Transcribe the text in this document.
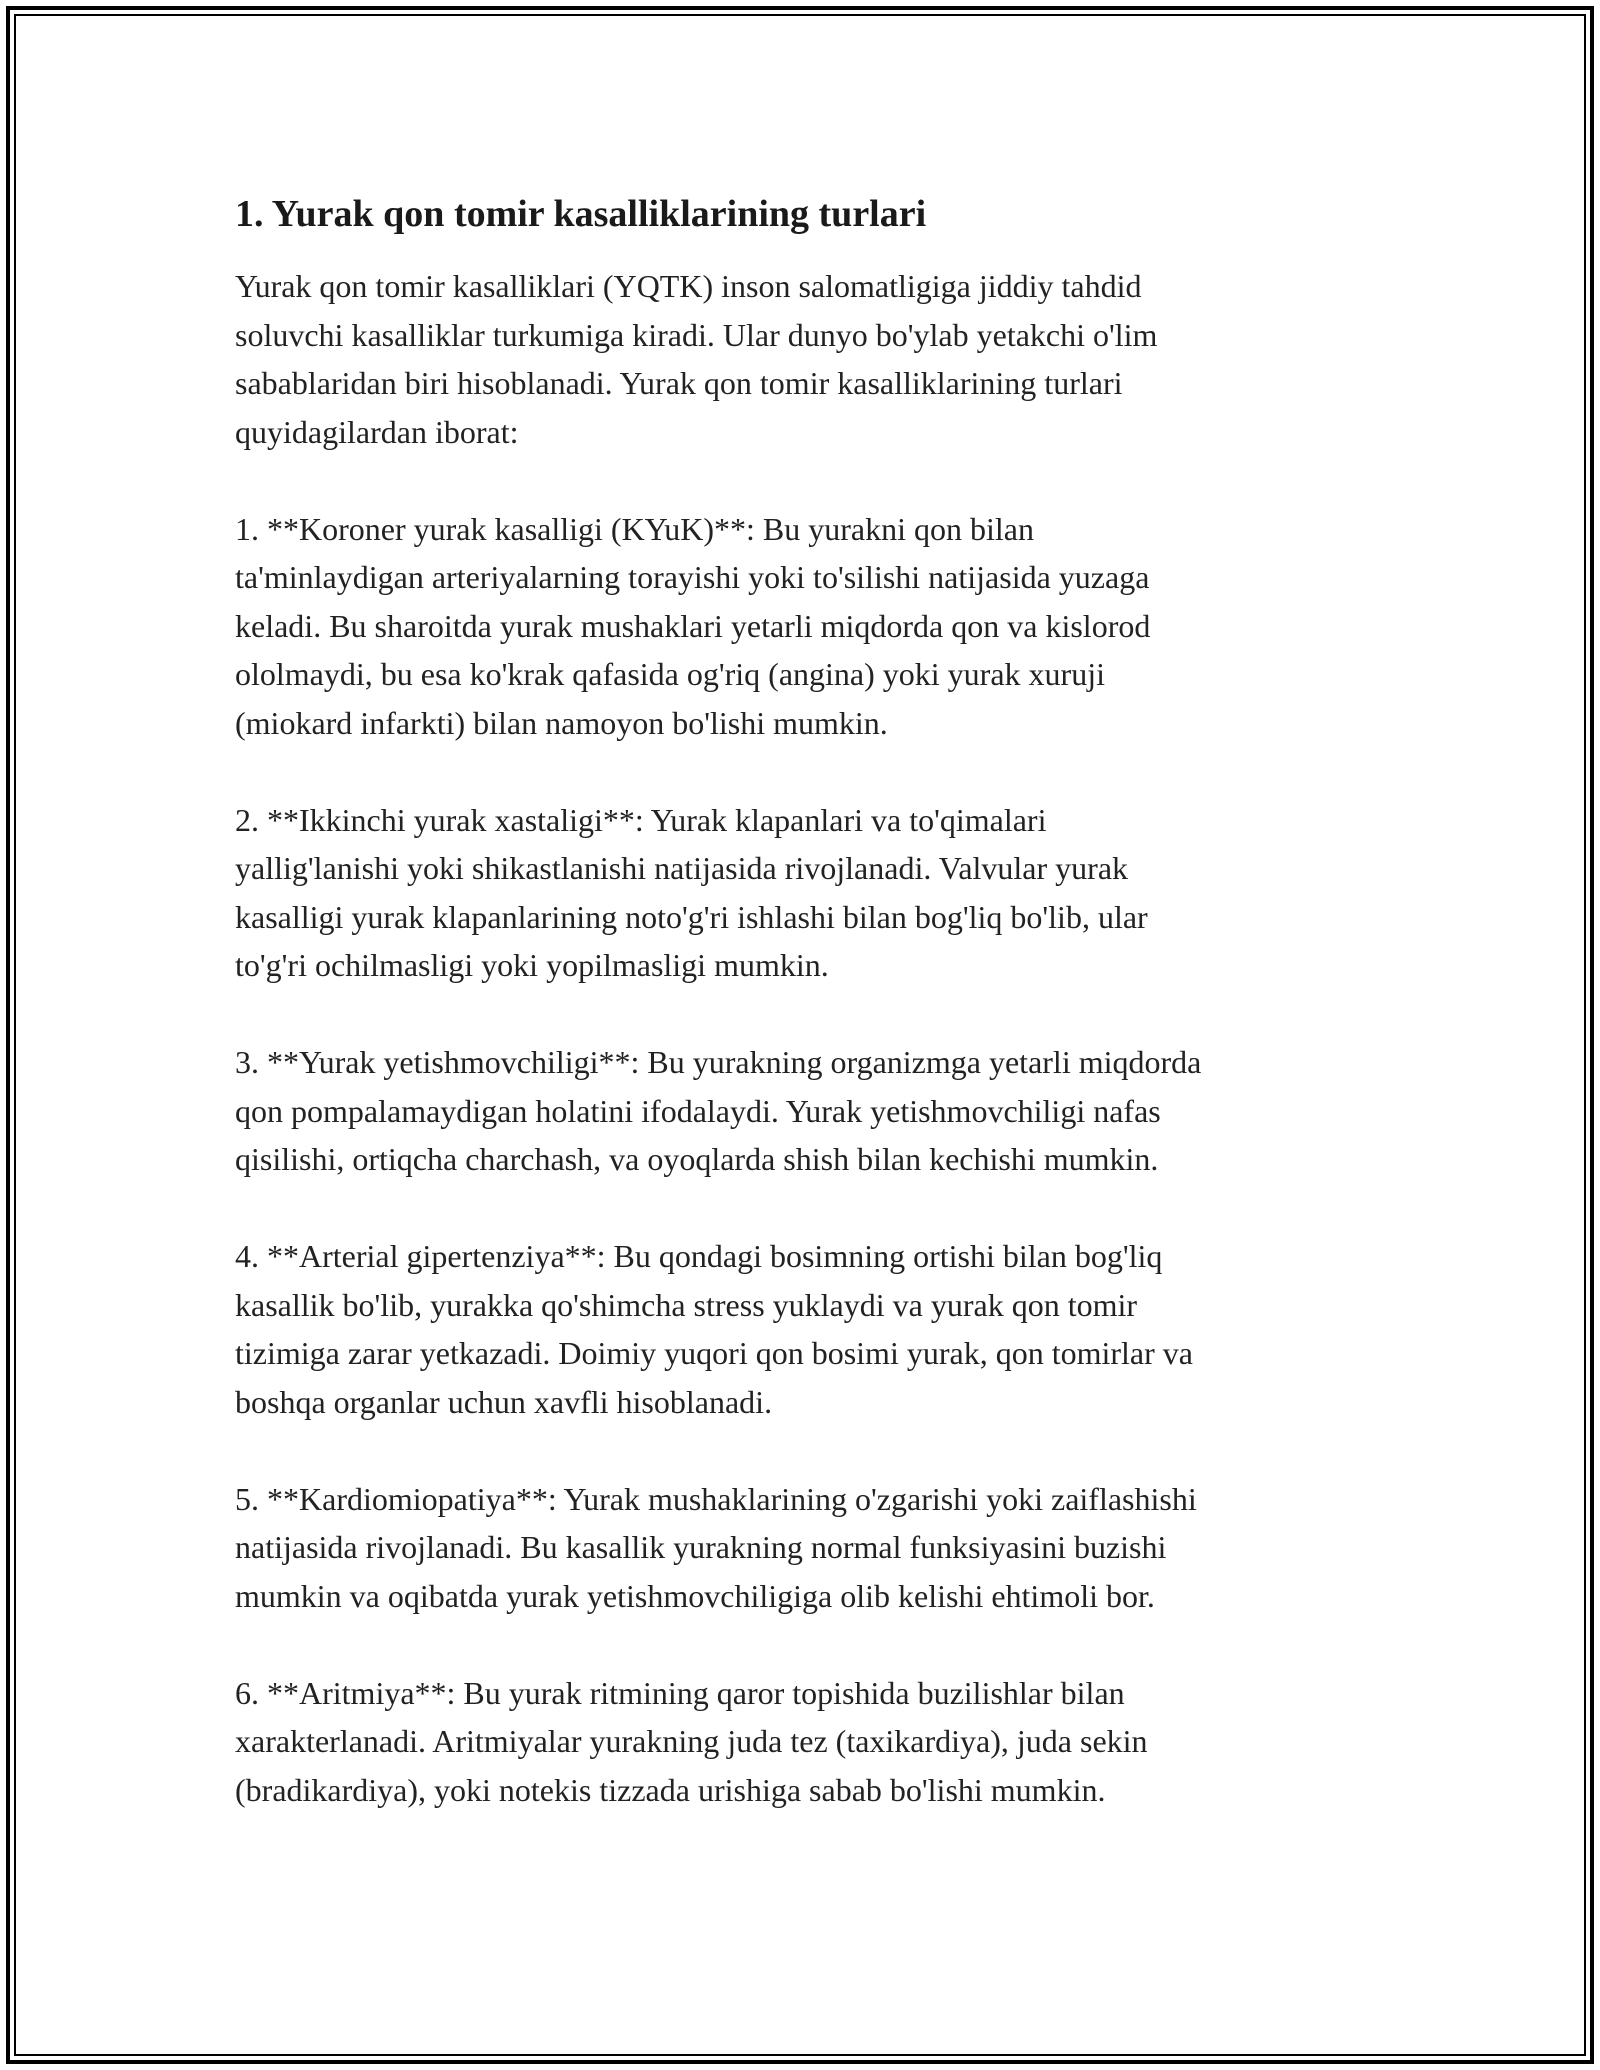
1. Yurak qon tomir kasalliklarining turlari

Yurak qon tomir kasalliklari (YQTK) inson salomatligiga jiddiy tahdid
soluvchi kasalliklar turkumiga kiradi. Ular dunyo bo'ylab yetakchi o'lim
sabablaridan biri hisoblanadi. Yurak qon tomir kasalliklarining turlari
quyidagilardan iborat:

1. **Koroner yurak kasalligi (KYuK)**: Bu yurakni qon bilan
ta'minlaydigan arteriyalarning torayishi yoki to'silishi natijasida yuzaga
keladi. Bu sharoitda yurak mushaklari yetarli miqdorda qon va kislorod
ololmaydi, bu esa ko'krak qafasida og'riq (angina) yoki yurak xuruji
(miokard infarkti) bilan namoyon bo'lishi mumkin.

2. **Ikkinchi yurak xastaligi**: Yurak klapanlari va to'qimalari
yallig'lanishi yoki shikastlanishi natijasida rivojlanadi. Valvular yurak
kasalligi yurak klapanlarining noto'g'ri ishlashi bilan bog'liq bo'lib, ular
to'g'ri ochilmasligi yoki yopilmasligi mumkin.

3. **Yurak yetishmovchiligi**: Bu yurakning organizmga yetarli miqdorda
qon pompalamaydigan holatini ifodalaydi. Yurak yetishmovchiligi nafas
qisilishi, ortiqcha charchash, va oyoqlarda shish bilan kechishi mumkin.

4. **Arterial gipertenziya**: Bu qondagi bosimning ortishi bilan bog'liq
kasallik bo'lib, yurakka qo'shimcha stress yuklaydi va yurak qon tomir
tizimiga zarar yetkazadi. Doimiy yuqori qon bosimi yurak, qon tomirlar va
boshqa organlar uchun xavfli hisoblanadi.

5. **Kardiomiopatiya**: Yurak mushaklarining o'zgarishi yoki zaiflashishi
natijasida rivojlanadi. Bu kasallik yurakning normal funksiyasini buzishi
mumkin va oqibatda yurak yetishmovchiligiga olib kelishi ehtimoli bor.

6. **Aritmiya**: Bu yurak ritmining qaror topishida buzilishlar bilan
xarakterlanadi. Aritmiyalar yurakning juda tez (taxikardiya), juda sekin
(bradikardiya), yoki notekis tizzada urishiga sabab bo'lishi mumkin.
